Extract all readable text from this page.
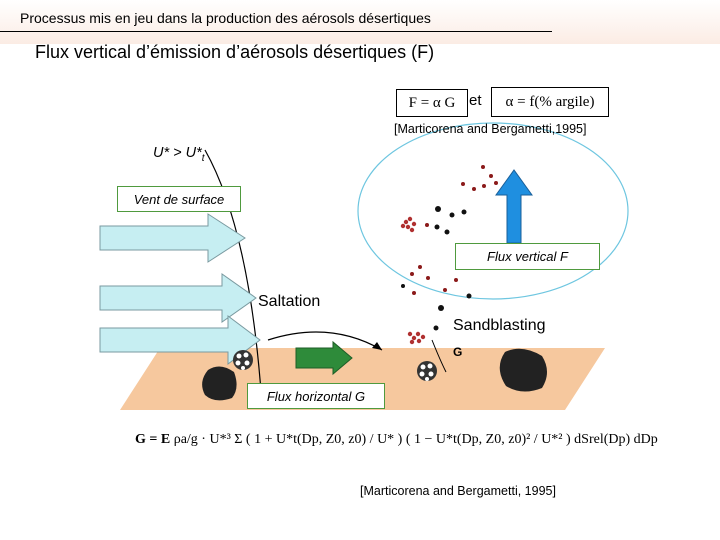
Processus mis en jeu dans la production des aérosols désertiques
Flux vertical d’émission d’aérosols désertiques (F)
F = α G et	α = f(% argile)
[Marticorena and Bergametti,1995]
$U* > U*_t$
Vent de surface
Flux vertical F
Flux horizontal G
Saltation
Sandblasting
G
G = E ρa/g · U*³ Σ ( 1 + U*t(Dp, Z0, z0) / U* ) ( 1 − U*t(Dp, Z0, z0)² / U*² ) dSrel(Dp) dDp
[Marticorena and Bergametti, 1995]
